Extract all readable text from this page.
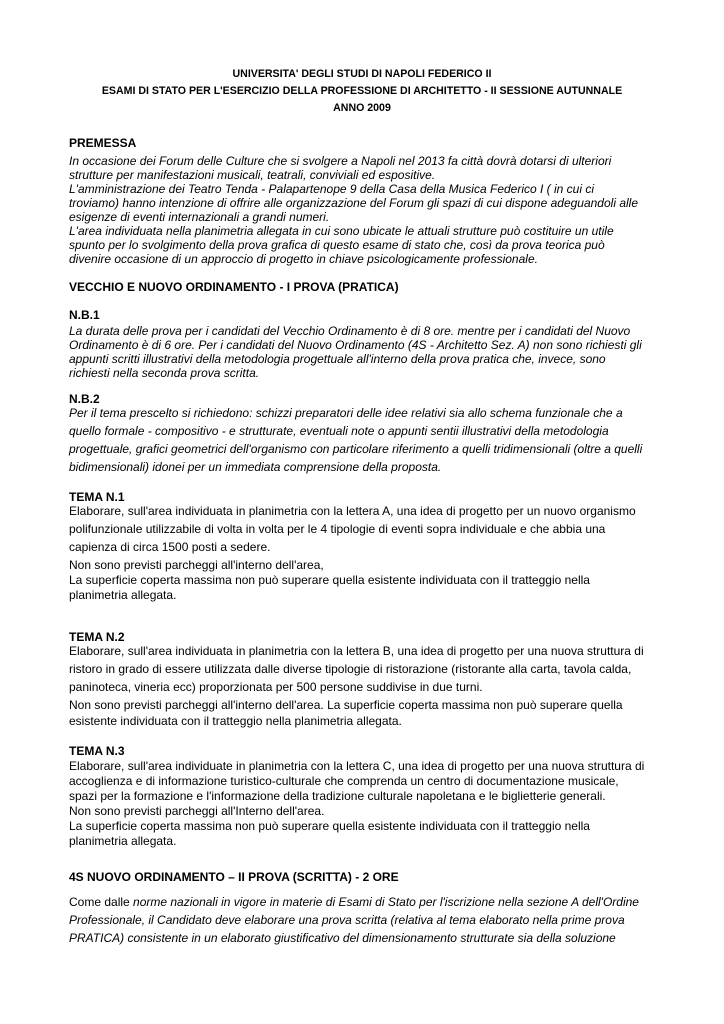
UNIVERSITA' DEGLI STUDI DI NAPOLI FEDERICO II
ESAMI DI STATO PER L'ESERCIZIO DELLA PROFESSIONE DI ARCHITETTO - II SESSIONE AUTUNNALE
ANNO 2009
PREMESSA
In occasione dei Forum delle Culture che si svolgere a Napoli nel 2013 fa città dovrà dotarsi di ulteriori
strutture per manifestazioni musicali, teatrali, conviviali ed espositive.
L'amministrazione dei Teatro Tenda - Palapartenope 9 della Casa della Musica Federico I ( in cui ci
troviamo) hanno intenzione di offrire alle organizzazione del Forum gli spazi di cui dispone adeguandoli alle
esigenze di eventi internazionali a grandi numeri.
L'area individuata nella planimetria allegata in cui sono ubicate le attuali strutture può costituire un utile
spunto per lo svolgimento della prova grafica di questo esame di stato che, così da prova teorica può
divenire occasione di un approccio di progetto in chiave psicologicamente professionale.
VECCHIO E NUOVO ORDINAMENTO - I PROVA (PRATICA)
N.B.1
La durata delle prova per i candidati del Vecchio Ordinamento è di 8 ore. mentre per i candidati del Nuovo
Ordinamento è di 6 ore. Per i candidati del Nuovo Ordinamento (4S - Architetto Sez. A) non sono richiesti gli
appunti scritti illustrativi della metodologia progettuale all'interno della prova pratica che, invece, sono
richiesti nella seconda prova scritta.
N.B.2
Per il tema prescelto si richiedono: schizzi preparatori delle idee relativi sia allo schema funzionale che a
quello formale - compositivo - e strutturate, eventuali note o appunti sentii illustrativi della metodologia
progettuale, grafici geometrici dell'organismo con particolare riferimento a quelli tridimensionali (oltre a quelli
bidimensionali) idonei per un immediata comprensione della proposta.
TEMA N.1
Elaborare, sull'area individuata in planimetria con la lettera A, una idea di progetto per un nuovo organismo
polifunzionale utilizzabile di volta in volta per le 4 tipologie di eventi sopra individuale e che abbia una
capienza di circa 1500 posti a sedere.
Non sono previsti parcheggi all'interno dell'area,
La superficie coperta massima non può superare quella esistente individuata con il tratteggio nella
planimetria allegata.
TEMA N.2
Elaborare, sull'area individuata in planimetria con la lettera B, una idea di progetto per una nuova struttura di
ristoro in grado di essere utilizzata dalle diverse tipologie di ristorazione (ristorante alla carta, tavola calda,
paninoteca, vineria ecc) proporzionata per 500 persone suddivise in due turni.
Non sono previsti parcheggi all'interno dell'area. La superficie coperta massima non può superare quella
esistente individuata con il tratteggio nella planimetria allegata.
TEMA N.3
Elaborare, sull'area individuate in planimetria con la lettera C, una idea di progetto per una nuova struttura di
accoglienza e di informazione turistico-culturale che comprenda un centro di documentazione musicale,
spazi per la formazione e l'informazione della tradizione culturale napoletana e le biglietterie generali.
Non sono previsti parcheggi all'Interno dell'area.
La superficie coperta massima non può superare quella esistente individuata con il tratteggio nella
planimetria allegata.
4S NUOVO ORDINAMENTO – II PROVA (SCRITTA) - 2 ORE
Come dalle norme nazionali in vigore in materie di Esami di Stato per l'iscrizione nella sezione A dell'Ordine
Professionale, il Candidato deve elaborare una prova scritta (relativa al tema elaborato nella prime prova
PRATICA) consistente in un elaborato giustificativo del dimensionamento strutturate sia della soluzione
